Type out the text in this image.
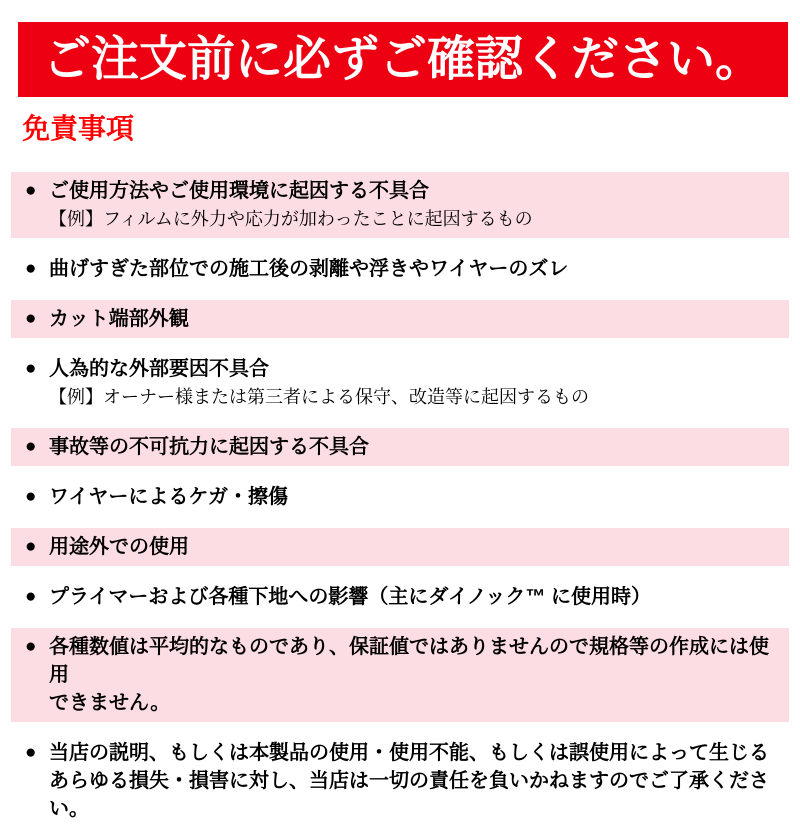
ご注文前に必ずご確認ください。
免責事項
● ご使用方法やご使用環境に起因する不具合
【例】フィルムに外力や応力が加わったことに起因するもの
● 曲げすぎた部位での施工後の剥離や浮きやワイヤーのズレ
● カット端部外観
● 人為的な外部要因不具合
【例】オーナー様または第三者による保守、改造等に起因するもの
● 事故等の不可抗力に起因する不具合
● ワイヤーによるケガ・擦傷
● 用途外での使用
● プライマーおよび各種下地への影響（主にダイノック™ に使用時）
● 各種数値は平均的なものであり、保証値ではありませんので規格等の作成には使用
できません。
● 当店の説明、もしくは本製品の使用・使用不能、もしくは誤使用によって生じる
あらゆる損失・損害に対し、当店は一切の責任を負いかねますのでご了承ください。
